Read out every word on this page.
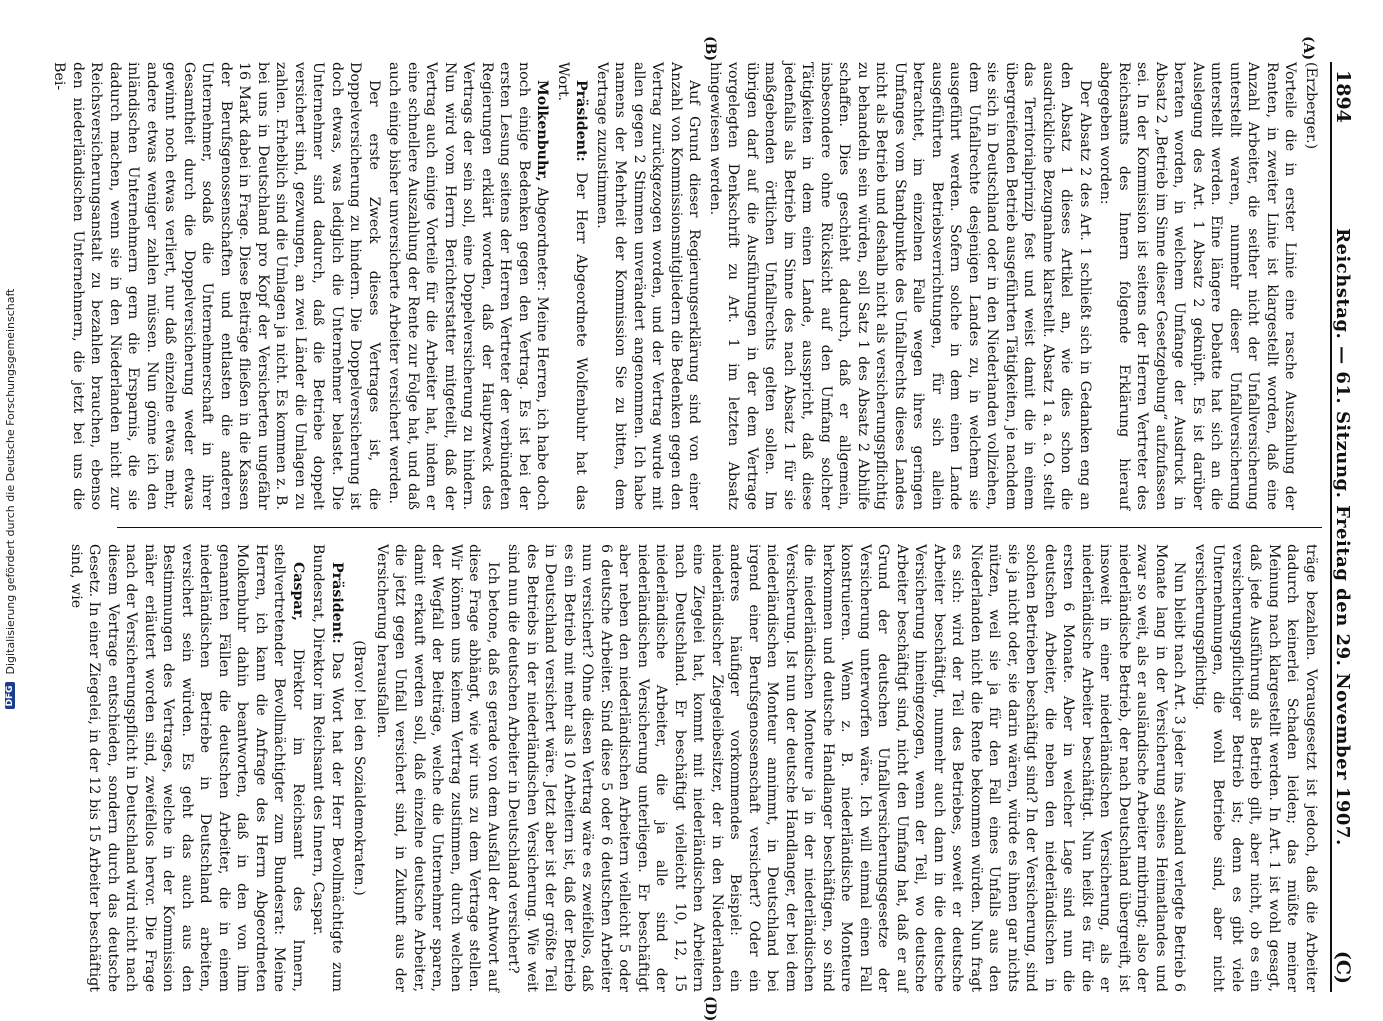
DFG
Digitalisierung gefördert durch die Deutsche Forschungsgemeinschaft
1894
Reichstag. — 61. Sitzung. Freitag den 29. November 1907.
(C)
(A)
(B)
(D)

(Erzberger.)

Vorteile die in erster Linie eine rasche Auszahlung der Renten, in zweiter Linie ist klargestellt worden, daß eine Anzahl Arbeiter, die seither nicht der Unfallversicherung unterstellt waren, nunmehr dieser Unfallversicherung unterstellt werden. Eine längere Debatte hat sich an die Auslegung des Art. 1 Absatz 2 geknüpft. Es ist darüber beraten worden, in welchem Umfange der Ausdruck in Absatz 2 „Betrieb im Sinne dieser Gesetzgebung“ aufzufassen sei. In der Kommission ist seitens der Herren Vertreter des Reichsamts des Innern folgende Erklärung hierauf abgegeben worden:

Der Absatz 2 des Art. 1 schließt sich in Gedanken eng an den Absatz 1 dieses Artikel an, wie dies schon die ausdrückliche Bezugnahme klarstellt. Absatz 1 a. a. O. stellt das Territorialprinzip fest und weist damit die in einem übergreifenden Betrieb ausgeführten Tätigkeiten, je nachdem sie sich in Deutschland oder in den Niederlanden vollziehen, dem Unfallrechte desjenigen Landes zu, in welchem sie ausgeführt werden. Sofern solche in dem einen Lande ausgeführten Betriebsverrichtungen, für sich allein betrachtet, im einzelnen Falle wegen ihres geringen Umfanges vom Standpunkte des Unfallrechts dieses Landes nicht als Betrieb und deshalb nicht als versicherungspflichtig zu behandeln sein würden, soll Satz 1 des Absatz 2 Abhilfe schaffen. Dies geschieht dadurch, daß er allgemein, insbesondere ohne Rücksicht auf den Umfang solcher Tätigkeiten in dem einen Lande, ausspricht, daß diese jedenfalls als Betrieb im Sinne des nach Absatz 1 für sie maßgebenden örtlichen Unfallrechts gelten sollen. Im übrigen darf auf die Ausführungen in der dem Vertrage vorgelegten Denkschrift zu Art. 1 im letzten Absatz hingewiesen werden.

Auf Grund dieser Regierungserklärung sind von einer Anzahl von Kommissionsmitgliedern die Bedenken gegen den Vertrag zurückgezogen worden, und der Vertrag wurde mit allen gegen 2 Stimmen unverändert angenommen. Ich habe namens der Mehrheit der Kommission Sie zu bitten, dem Vertrage zuzustimmen.

Präsident: Der Herr Abgeordnete Wolfenbuhr hat das Wort.

Molkenbuhr, Abgeordneter: Meine Herren, ich habe doch noch einige Bedenken gegen den Vertrag. Es ist bei der ersten Lesung seitens der Herren Vertreter der verbündeten Regierungen erklärt worden, daß der Hauptzweck des Vertrags der sein soll, eine Doppelversicherung zu hindern. Nun wird vom Herrn Berichterstatter mitgeteilt, daß der Vertrag auch einige Vorteile für die Arbeiter hat, indem er eine schnellere Auszahlung der Rente zur Folge hat, und daß auch einige bisher unversicherte Arbeiter versichert werden.

Der erste Zweck dieses Vertrages ist, die Doppelversicherung zu hindern. Die Doppelversicherung ist doch etwas, was lediglich die Unternehmer belastet. Die Unternehmer sind dadurch, daß die Betriebe doppelt versichert sind, gezwungen, an zwei Länder die Umlagen zu zahlen. Erheblich sind die Umlagen ja nicht. Es kommen z. B. bei uns in Deutschland pro Kopf der Versicherten ungefähr 16 Mark dabei in Frage. Diese Beiträge fließen in die Kassen der Berufsgenossenschaften und entlasten die anderen Unternehmer, sodaß die Unternehmerschaft in ihrer Gesamtheit durch die Doppelversicherung weder etwas gewinnt noch etwas verliert, nur daß einzelne etwas mehr, andere etwas weniger zahlen müssen. Nun gönne ich den inländischen Unternehmern gern die Ersparnis, die sie dadurch machen, wenn sie in den Niederlanden nicht zur Reichsversicherungsanstalt zu bezahlen brauchen, ebenso den niederländischen Unternehmern, die jetzt bei uns die Bei-

träge bezahlen. Vorausgesetzt ist jedoch, daß die Arbeiter dadurch keinerlei Schaden leiden; das müßte meiner Meinung nach klargestellt werden. In Art. 1 ist wohl gesagt, daß jede Ausführung als Betrieb gilt, aber nicht, ob es ein versicherungspflichtiger Betrieb ist; denn es gibt viele Unternehmungen, die wohl Betriebe sind, aber nicht versicherungspflichtig.

Nun bleibt nach Art. 3 jeder ins Ausland verlegte Betrieb 6 Monate lang in der Versicherung seines Heimatlandes und zwar so weit, als er ausländische Arbeiter mitbringt; also der niederländische Betrieb, der nach Deutschland übergreift, ist insoweit in einer niederländischen Versicherung, als er niederländische Arbeiter beschäftigt. Nun heißt es für die ersten 6 Monate. Aber in welcher Lage sind nun die deutschen Arbeiter, die neben den niederländischen in solchen Betrieben beschäftigt sind? In der Versicherung, sind sie ja nicht oder, sie darin wären, würde es ihnen gar nichts nützen, weil sie ja für den Fall eines Unfalls aus den Niederlanden nicht die Rente bekommen würden. Nun fragt es sich: wird der Teil des Betriebes, soweit er deutsche Arbeiter beschäftigt, nunmehr auch dann in die deutsche Versicherung hineingezogen, wenn der Teil, wo deutsche Arbeiter beschäftigt sind, nicht den Umfang hat, daß er auf Grund der deutschen Unfallversicherungsgesetze der Versicherung unterworfen wäre. Ich will einmal einen Fall konstruieren. Wenn z. B. niederländische Monteure herkommen und deutsche Handlanger beschäftigen, so sind die niederländischen Monteure ja in der niederländischen Versicherung. Ist nun der deutsche Handlanger, der bei dem niederländischen Monteur annimmt, in Deutschland bei irgend einer Berufsgenossenschaft versichert? Oder ein anderes häufiger vorkommendes Beispiel: ein niederländischer Ziegeleibesitzer, der in den Niederlanden eine Ziegelei hat, kommt mit niederländischen Arbeitern nach Deutschland. Er beschäftigt vielleicht 10, 12, 15 niederländische Arbeiter, die ja alle sind der niederländischen Versicherung unterliegen. Er beschäftigt aber neben den niederländischen Arbeitern vielleicht 5 oder 6 deutsche Arbeiter. Sind diese 5 oder 6 deutschen Arbeiter nun versichert? Ohne diesen Vertrag wäre es zweifellos, daß es ein Betrieb mit mehr als 10 Arbeitern ist, daß der Betrieb in Deutschland versichert wäre. Jetzt aber ist der größte Teil des Betriebs in der niederländischen Versicherung. Wie weit sind nun die deutschen Arbeiter in Deutschland versichert?

Ich betone, daß es gerade von dem Ausfall der Antwort auf diese Frage abhängt, wie wir uns zu dem Vertrage stellen. Wir können uns keinem Vertrag zustimmen, durch welchen der Wegfall der Beiträge, welche die Unternehmer sparen, damit erkauft werden soll, daß einzelne deutsche Arbeiter, die jetzt gegen Unfall versichert sind, in Zukunft aus der Versicherung herausfallen.

(Bravo! bei den Sozialdemokraten.)

Präsident: Das Wort hat der Herr Bevollmächtigte zum Bundesrat, Direktor im Reichsamt des Innern, Caspar.

Caspar, Direktor im Reichsamt des Innern, stellvertretender Bevollmächtigter zum Bundesrat: Meine Herren, ich kann die Anfrage des Herrn Abgeordneten Molkenbuhr dahin beantworten, daß in den von ihm genannten Fällen die deutschen Arbeiter, die in einem niederländischen Betriebe in Deutschland arbeiten, versichert sein würden. Es geht das auch aus den Bestimmungen des Vertrages, welche in der Kommission näher erläutert worden sind, zweifellos hervor. Die Frage nach der Versicherungspflicht in Deutschland wird nicht nach diesem Vertrage entschieden, sondern durch das deutsche Gesetz. In einer Ziegelei, in der 12 bis 15 Arbeiter beschäftigt sind, wie
